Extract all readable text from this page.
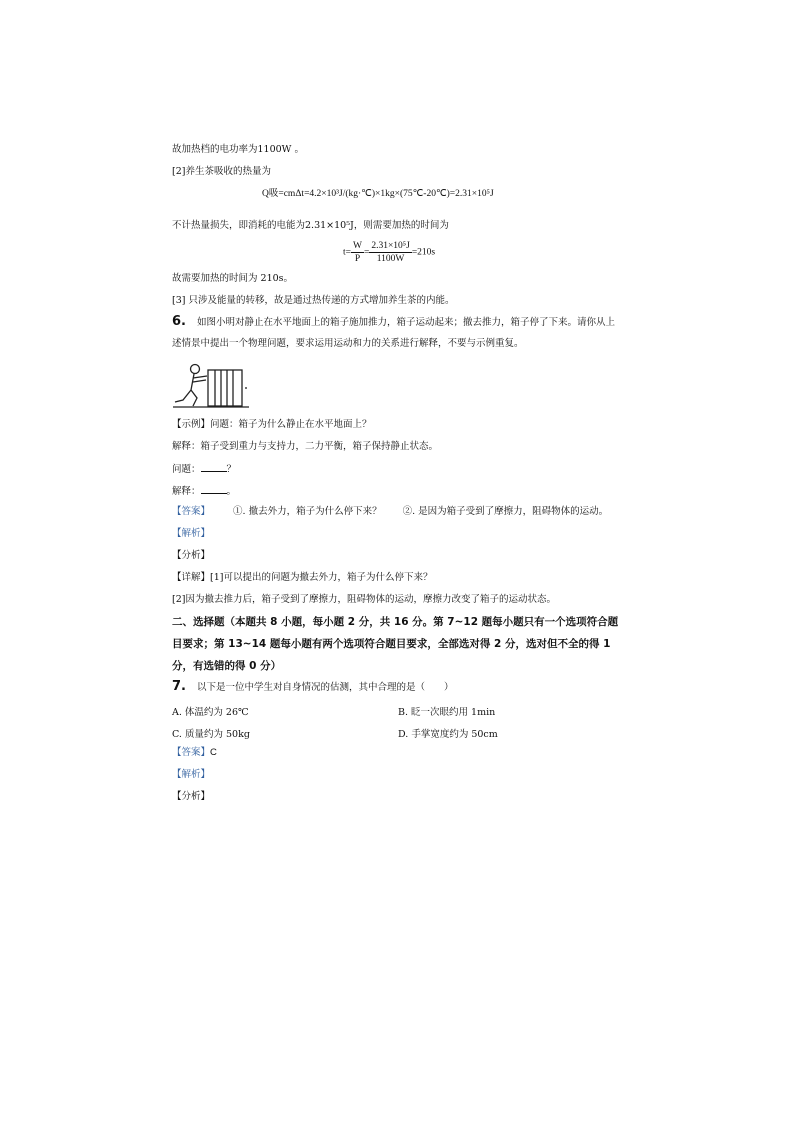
故加热档的电功率为1100W 。
[2]养生茶吸收的热量为
Q吸=cmΔt=4.2×10³J/(kg·℃)×1kg×(75℃-20℃)=2.31×10⁵J
不计热量损失，即消耗的电能为2.31×10⁵J，则需要加热的时间为
$t= \frac{W}{P} = \frac{\text{2.31×10⁵J}}{1100W} =210s$
故需要加热的时间为 210s。
[3] 只涉及能量的转移，故是通过热传递的方式增加养生茶的内能。
6. 如图小明对静止在水平地面上的箱子施加推力，箱子运动起来；撤去推力，箱子停了下来。请你从上
述情景中提出一个物理问题，要求运用运动和力的关系进行解释，不要与示例重复。
【示例】问题：箱子为什么静止在水平地面上？
解释：箱子受到重力与支持力，二力平衡，箱子保持静止状态。
问题：	？
解释：	。
【答案】 ①. 撤去外力，箱子为什么停下来？ ②. 是因为箱子受到了摩擦力，阻碍物体的运动。
【解析】
【分析】
【详解】[1]可以提出的问题为撤去外力，箱子为什么停下来？
[2]因为撤去推力后，箱子受到了摩擦力，阻碍物体的运动，摩擦力改变了箱子的运动状态。
二、选择题（本题共 8 小题，每小题 2 分，共 16 分。第 7~12 题每小题只有一个选项符合题
目要求；第 13~14 题每小题有两个选项符合题目要求，全部选对得 2 分，选对但不全的得 1
分，有选错的得 0 分）
7. 以下是一位中学生对自身情况的估测，其中合理的是（　　）
A. 体温约为 26℃	B. 眨一次眼约用 1min
C. 质量约为 50kg	D. 手掌宽度约为 50cm
【答案】C
【解析】
【分析】
